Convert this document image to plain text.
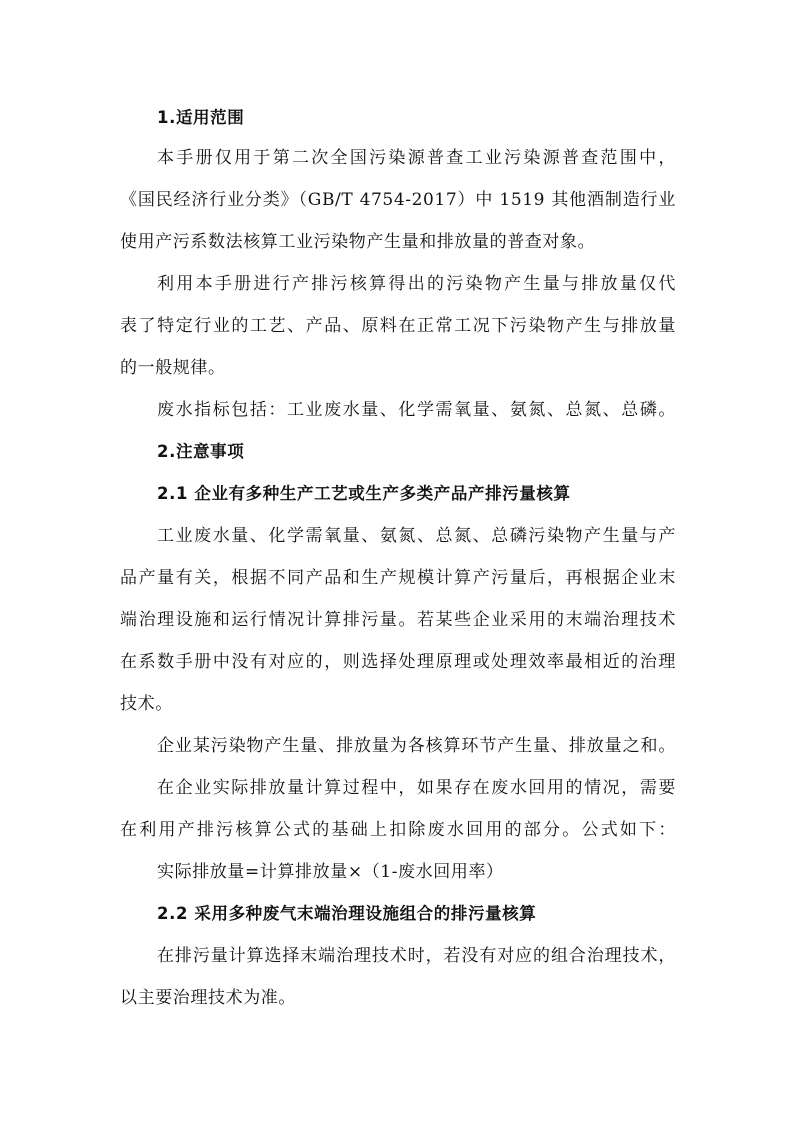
1.适用范围
本手册仅用于第二次全国污染源普查工业污染源普查范围中，
《国民经济行业分类》（GB/T 4754-2017）中 1519 其他酒制造行业
使用产污系数法核算工业污染物产生量和排放量的普查对象。
利用本手册进行产排污核算得出的污染物产生量与排放量仅代
表了特定行业的工艺、产品、原料在正常工况下污染物产生与排放量
的一般规律。
废水指标包括：工业废水量、化学需氧量、氨氮、总氮、总磷。
2.注意事项
2.1 企业有多种生产工艺或生产多类产品产排污量核算
工业废水量、化学需氧量、氨氮、总氮、总磷污染物产生量与产
品产量有关，根据不同产品和生产规模计算产污量后，再根据企业末
端治理设施和运行情况计算排污量。若某些企业采用的末端治理技术
在系数手册中没有对应的，则选择处理原理或处理效率最相近的治理
技术。
企业某污染物产生量、排放量为各核算环节产生量、排放量之和。
在企业实际排放量计算过程中，如果存在废水回用的情况，需要
在利用产排污核算公式的基础上扣除废水回用的部分。公式如下：
实际排放量=计算排放量×（1-废水回用率）
2.2 采用多种废气末端治理设施组合的排污量核算
在排污量计算选择末端治理技术时，若没有对应的组合治理技术，
以主要治理技术为准。
